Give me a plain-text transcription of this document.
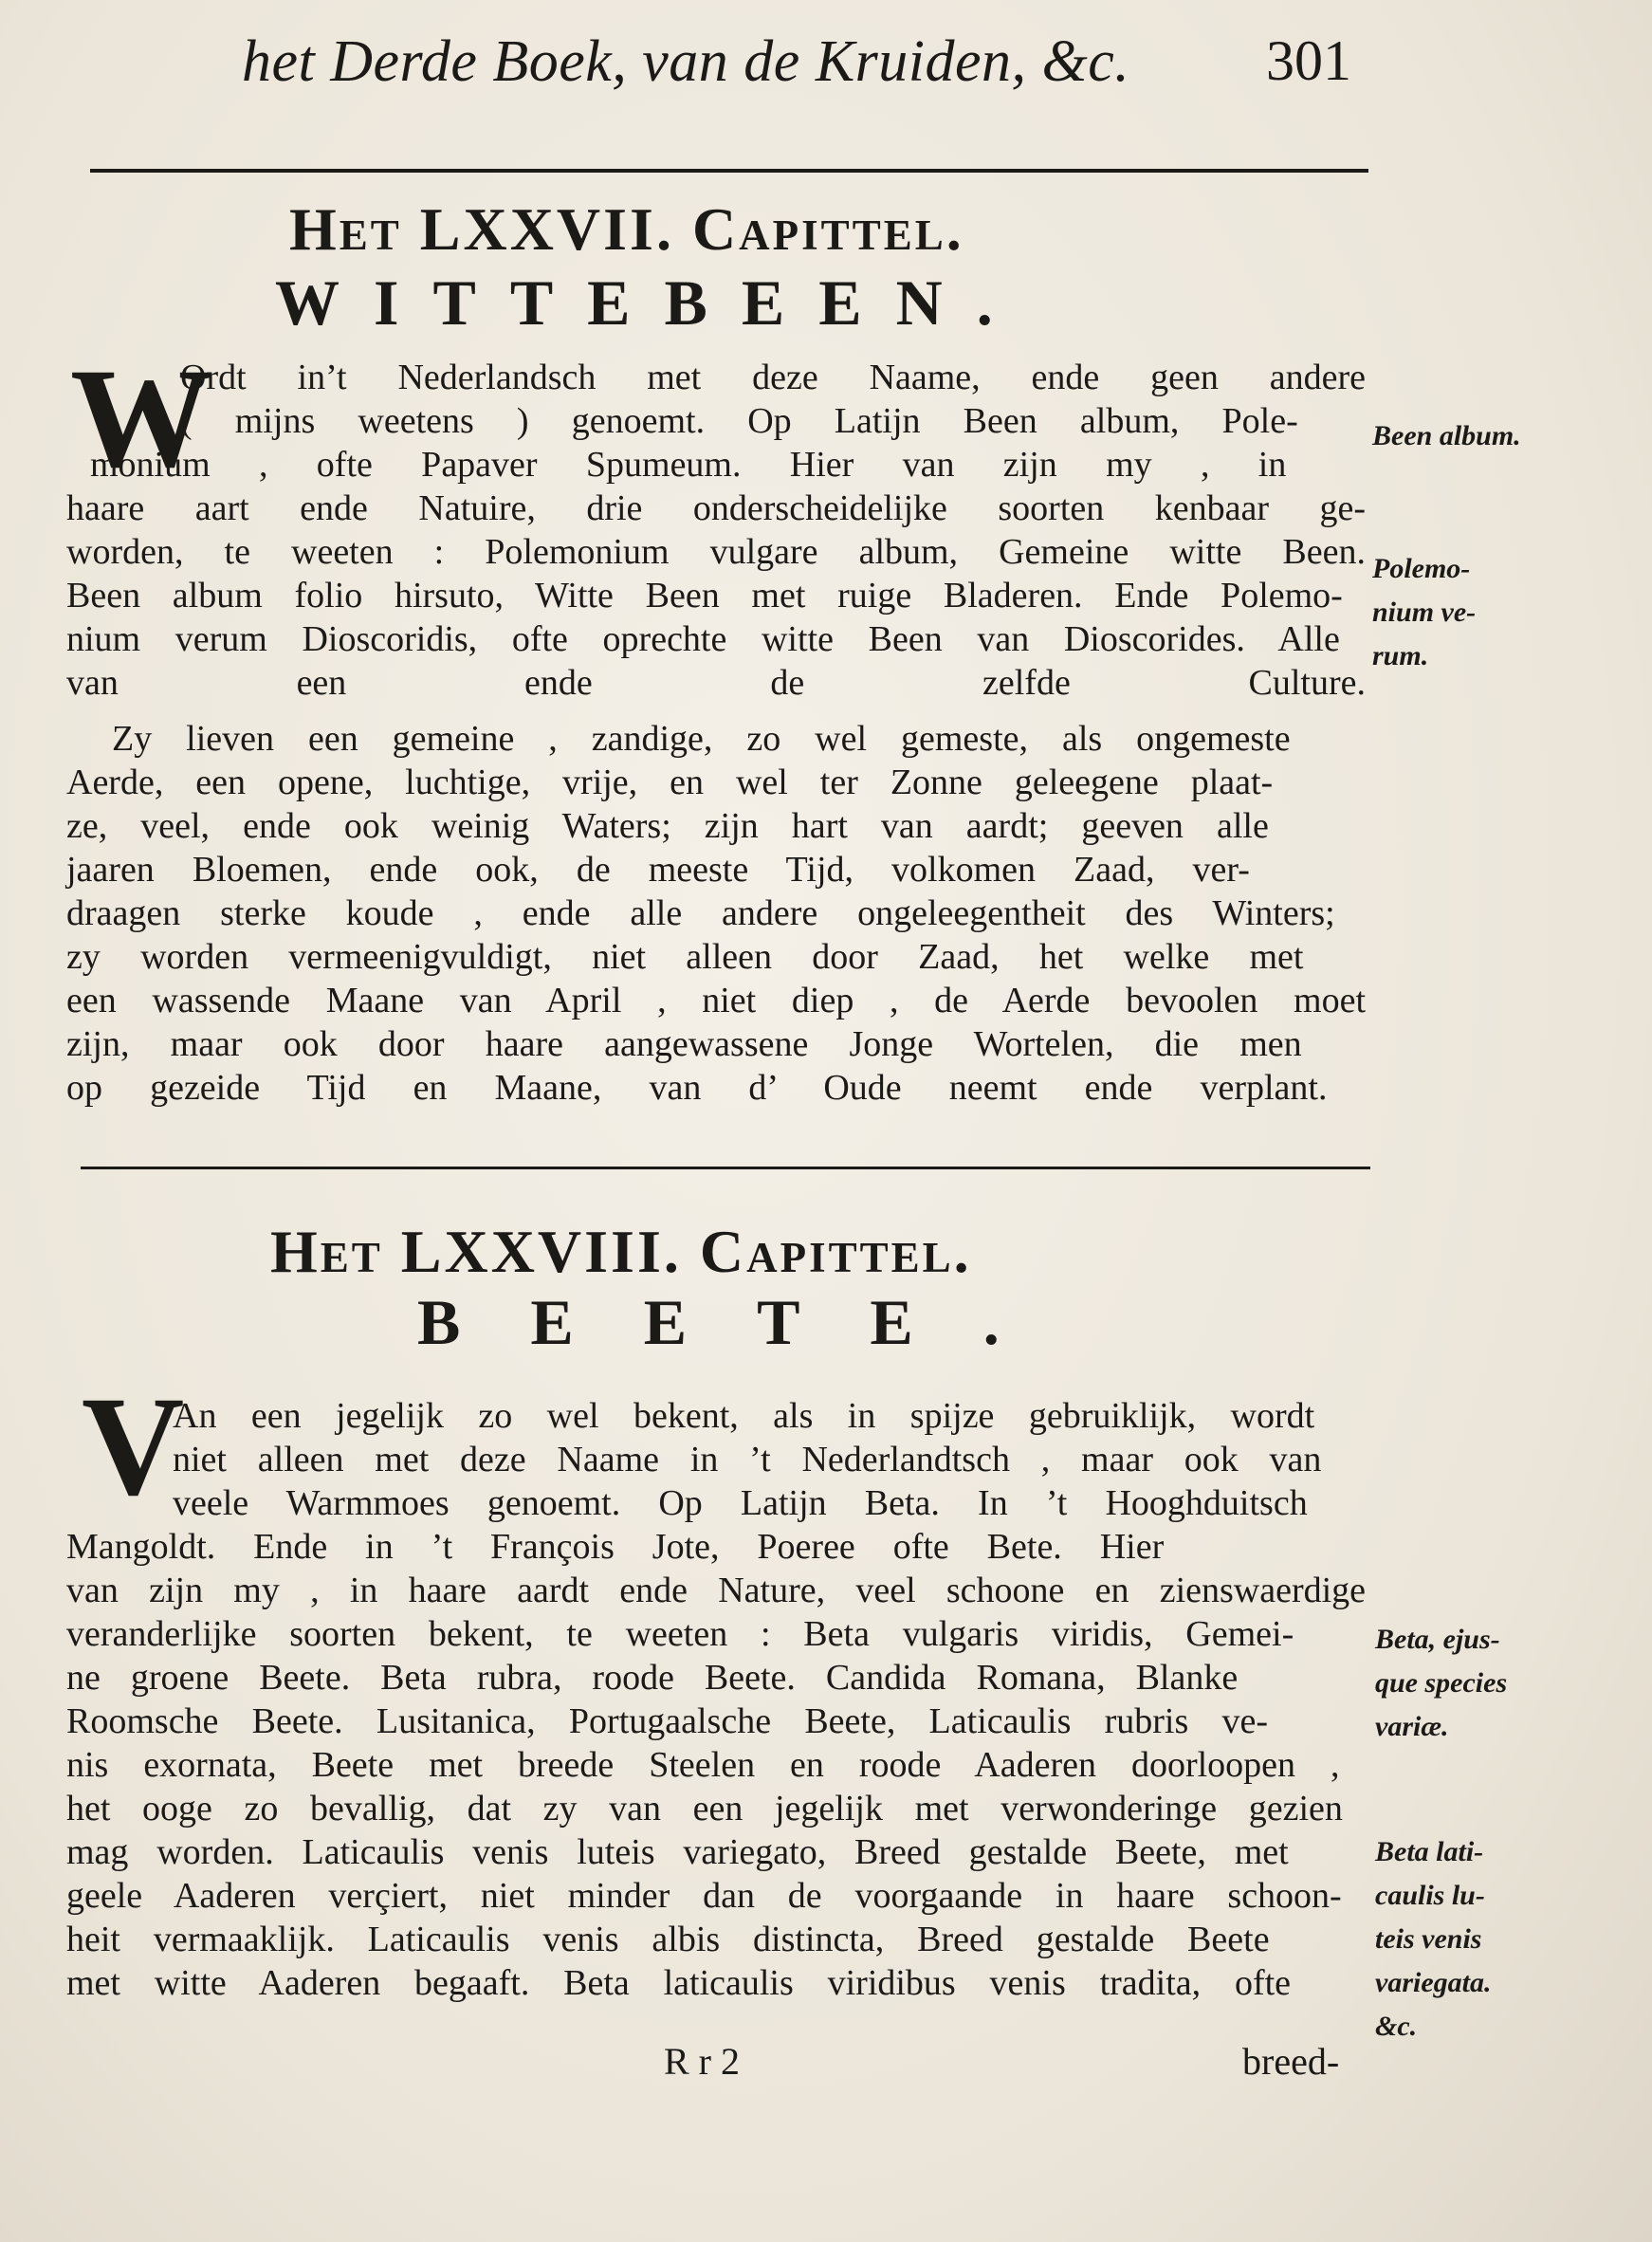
het Derde Boek, van de Kruiden, &c. 301
Het LXXVII. Capittel.
WITTEBEEN.
W
Ordt in’t Nederlandsch met deze Naame, ende geen andere
( mijns weetens ) genoemt. Op Latijn Been album, Pole-
monium , ofte Papaver Spumeum. Hier van zijn my , in
haare aart ende Natuire, drie onderscheidelijke soorten kenbaar ge-
worden, te weeten : Polemonium vulgare album, Gemeine witte Been.
Been album folio hirsuto, Witte Been met ruige Bladeren. Ende Polemo-
nium verum Dioscoridis, ofte oprechte witte Been van Dioscorides. Alle
van een ende de zelfde Culture.
Zy lieven een gemeine , zandige, zo wel gemeste, als ongemeste
Aerde, een opene, luchtige, vrije, en wel ter Zonne geleegene plaat-
ze, veel, ende ook weinig Waters; zijn hart van aardt; geeven alle
jaaren Bloemen, ende ook, de meeste Tijd, volkomen Zaad, ver-
draagen sterke koude , ende alle andere ongeleegentheit des Winters;
zy worden vermeenigvuldigt, niet alleen door Zaad, het welke met
een wassende Maane van April , niet diep , de Aerde bevoolen moet
zijn, maar ook door haare aangewassene Jonge Wortelen, die men
op gezeide Tijd en Maane, van d’ Oude neemt ende verplant.
Been album.
Polemo-
nium ve-
rum.
Het LXXVIII. Capittel.
BEETE.
V
An een jegelijk zo wel bekent, als in spijze gebruiklijk, wordt
niet alleen met deze Naame in ’t Nederlandtsch , maar ook van
veele Warmmoes genoemt. Op Latijn Beta. In ’t Hooghduitsch
Mangoldt. Ende in ’t François Jote, Poeree ofte Bete. Hier
van zijn my , in haare aardt ende Nature, veel schoone en zienswaerdige
veranderlijke soorten bekent, te weeten : Beta vulgaris viridis, Gemei-
ne groene Beete. Beta rubra, roode Beete. Candida Romana, Blanke
Roomsche Beete. Lusitanica, Portugaalsche Beete, Laticaulis rubris ve-
nis exornata, Beete met breede Steelen en roode Aaderen doorloopen ,
het ooge zo bevallig, dat zy van een jegelijk met verwonderinge gezien
mag worden. Laticaulis venis luteis variegato, Breed gestalde Beete, met
geele Aaderen verçiert, niet minder dan de voorgaande in haare schoon-
heit vermaaklijk. Laticaulis venis albis distincta, Breed gestalde Beete
met witte Aaderen begaaft. Beta laticaulis viridibus venis tradita, ofte
Beta, ejus-
que species
variæ.
Beta lati-
caulis lu-
teis venis
variegata.
&c.
R r 2	breed-
